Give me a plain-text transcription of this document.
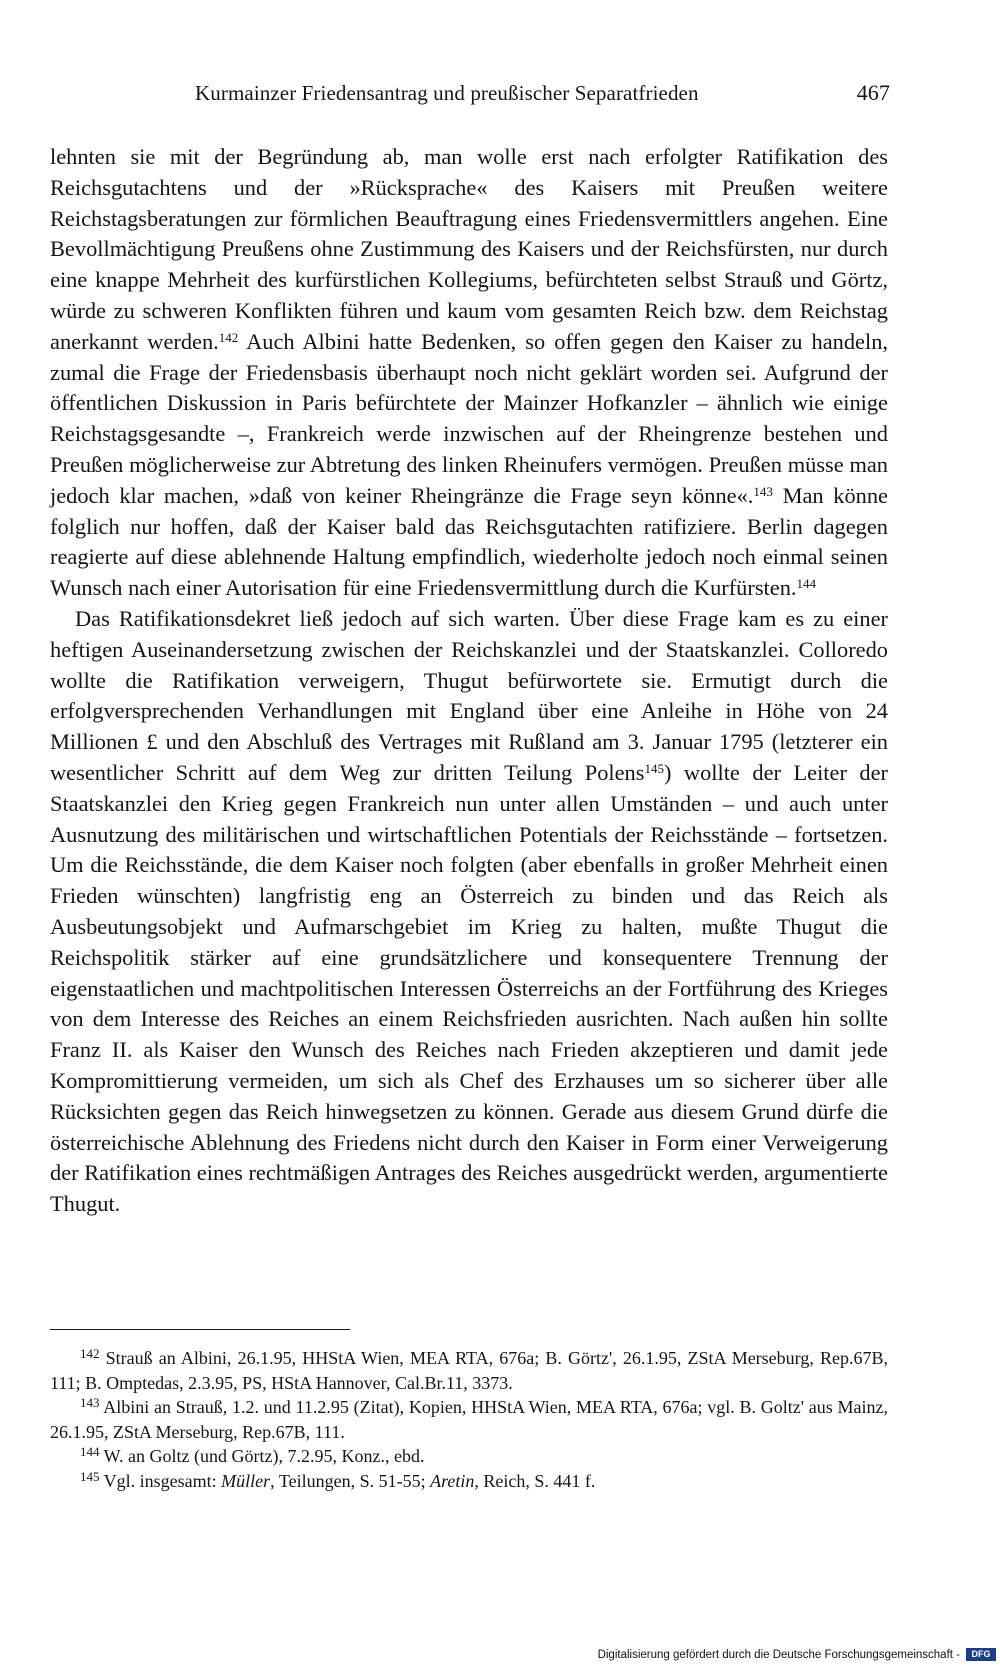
Kurmainzer Friedensantrag und preußischer Separatfrieden	467

lehnten sie mit der Begründung ab, man wolle erst nach erfolgter Ratifikation des Reichsgutachtens und der »Rücksprache« des Kaisers mit Preußen weitere Reichstagsberatungen zur förmlichen Beauftragung eines Friedensvermittlers angehen. Eine Bevollmächtigung Preußens ohne Zustimmung des Kaisers und der Reichsfürsten, nur durch eine knappe Mehrheit des kurfürstlichen Kollegiums, befürchteten selbst Strauß und Görtz, würde zu schweren Konflikten führen und kaum vom gesamten Reich bzw. dem Reichstag anerkannt werden.$^{142}$ Auch Albini hatte Bedenken, so offen gegen den Kaiser zu handeln, zumal die Frage der Friedensbasis überhaupt noch nicht geklärt worden sei. Aufgrund der öffentlichen Diskussion in Paris befürchtete der Mainzer Hofkanzler – ähnlich wie einige Reichstagsgesandte –, Frankreich werde inzwischen auf der Rheingrenze bestehen und Preußen möglicherweise zur Abtretung des linken Rheinufers vermögen. Preußen müsse man jedoch klar machen, »daß von keiner Rheingränze die Frage seyn könne«.$^{143}$ Man könne folglich nur hoffen, daß der Kaiser bald das Reichsgutachten ratifiziere. Berlin dagegen reagierte auf diese ablehnende Haltung empfindlich, wiederholte jedoch noch einmal seinen Wunsch nach einer Autorisation für eine Friedensvermittlung durch die Kurfürsten.$^{144}$

Das Ratifikationsdekret ließ jedoch auf sich warten. Über diese Frage kam es zu einer heftigen Auseinandersetzung zwischen der Reichskanzlei und der Staatskanzlei. Colloredo wollte die Ratifikation verweigern, Thugut befürwortete sie. Ermutigt durch die erfolgversprechenden Verhandlungen mit England über eine Anleihe in Höhe von 24 Millionen £ und den Abschluß des Vertrages mit Rußland am 3. Januar 1795 (letzterer ein wesentlicher Schritt auf dem Weg zur dritten Teilung Polens$^{145}$) wollte der Leiter der Staatskanzlei den Krieg gegen Frankreich nun unter allen Umständen – und auch unter Ausnutzung des militärischen und wirtschaftlichen Potentials der Reichsstände – fortsetzen. Um die Reichsstände, die dem Kaiser noch folgten (aber ebenfalls in großer Mehrheit einen Frieden wünschten) langfristig eng an Österreich zu binden und das Reich als Ausbeutungsobjekt und Aufmarschgebiet im Krieg zu halten, mußte Thugut die Reichspolitik stärker auf eine grundsätzlichere und konsequentere Trennung der eigenstaatlichen und machtpolitischen Interessen Österreichs an der Fortführung des Krieges von dem Interesse des Reiches an einem Reichsfrieden ausrichten. Nach außen hin sollte Franz II. als Kaiser den Wunsch des Reiches nach Frieden akzeptieren und damit jede Kompromittierung vermeiden, um sich als Chef des Erzhauses um so sicherer über alle Rücksichten gegen das Reich hinwegsetzen zu können. Gerade aus diesem Grund dürfe die österreichische Ablehnung des Friedens nicht durch den Kaiser in Form einer Verweigerung der Ratifikation eines rechtmäßigen Antrages des Reiches ausgedrückt werden, argumentierte Thugut.

$^{142}$ Strauß an Albini, 26.1.95, HHStA Wien, MEA RTA, 676a; B. Görtz', 26.1.95, ZStA Merseburg, Rep.67B, 111; B. Omptedas, 2.3.95, PS, HStA Hannover, Cal.Br.11, 3373.

$^{143}$ Albini an Strauß, 1.2. und 11.2.95 (Zitat), Kopien, HHStA Wien, MEA RTA, 676a; vgl. B. Goltz' aus Mainz, 26.1.95, ZStA Merseburg, Rep.67B, 111.

$^{144}$ W. an Goltz (und Görtz), 7.2.95, Konz., ebd.

$^{145}$ Vgl. insgesamt: Müller, Teilungen, S. 51-55; Aretin, Reich, S. 441 f.

Digitalisierung gefördert durch die Deutsche Forschungsgemeinschaft -	DFG
